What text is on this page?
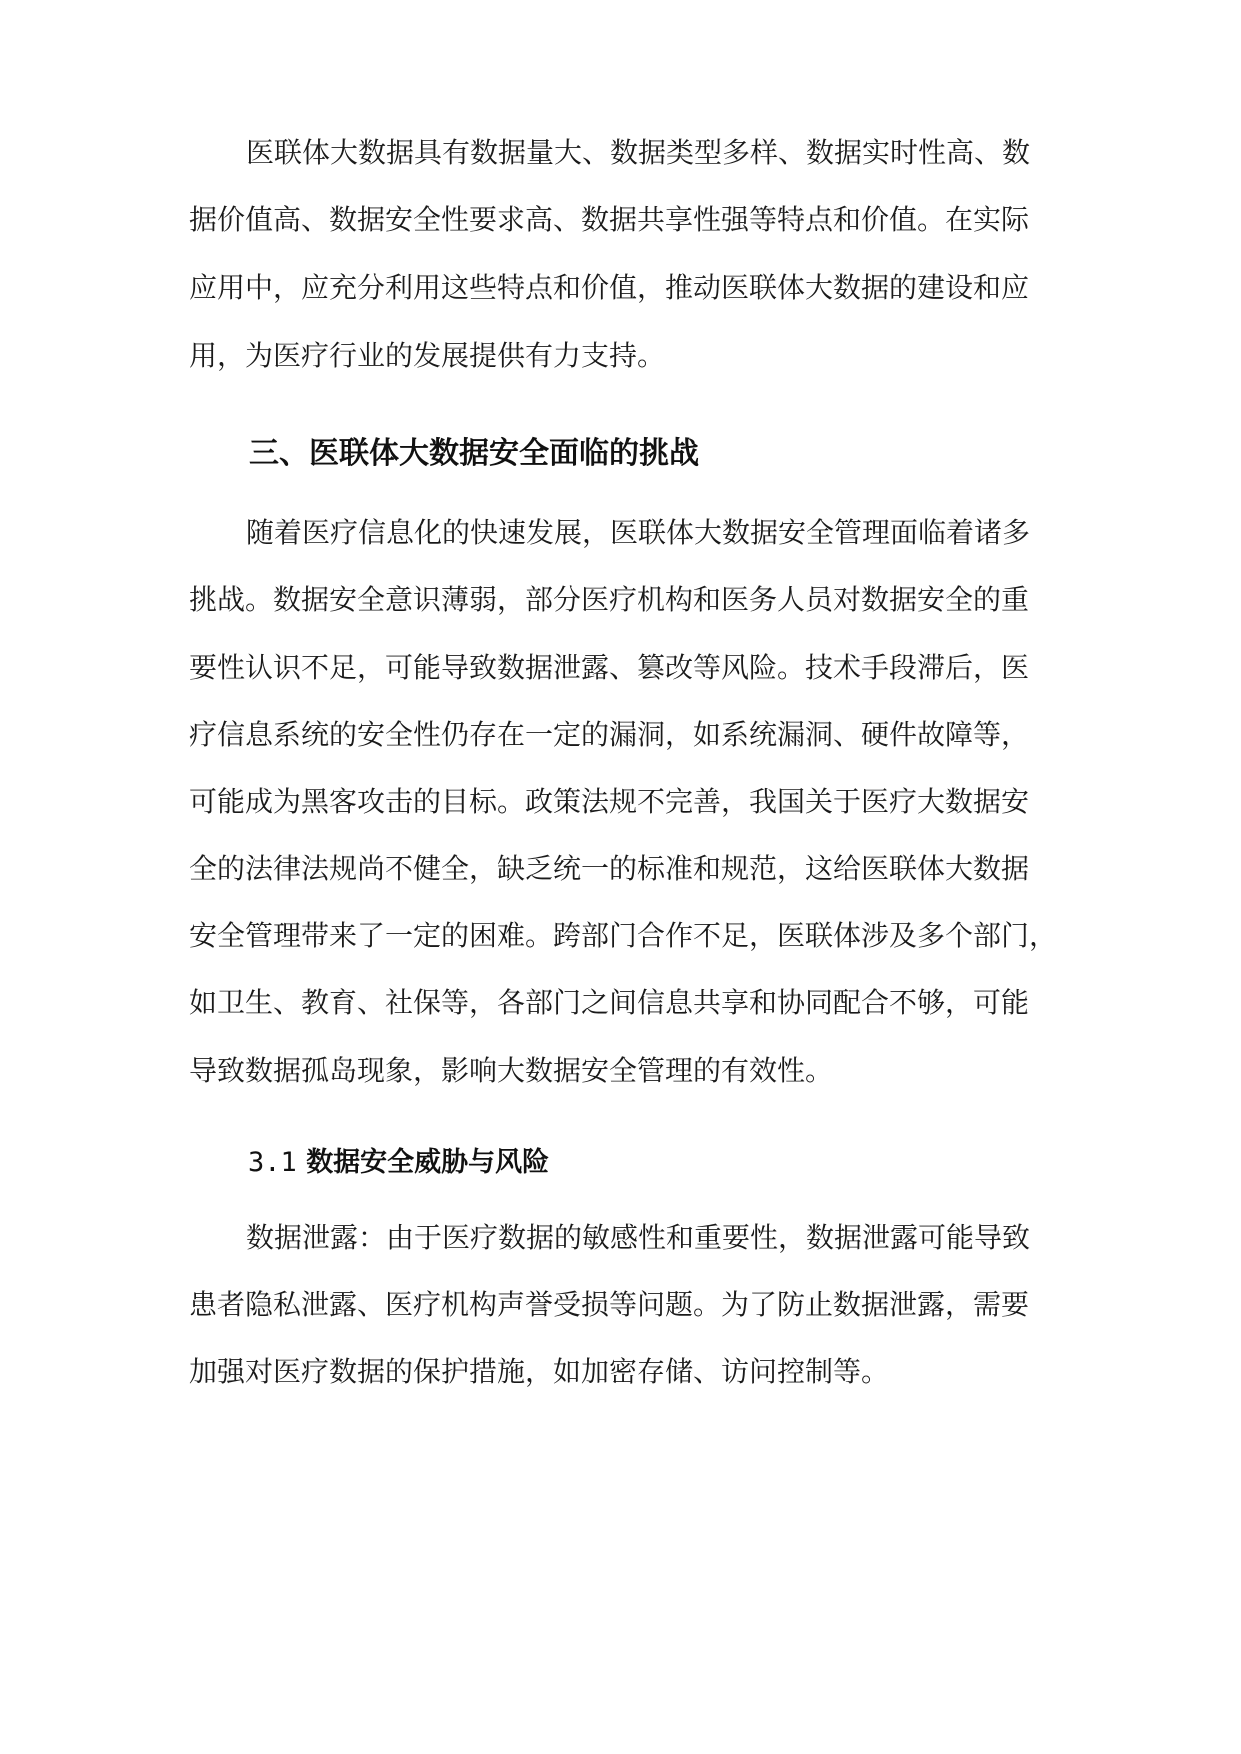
医联体大数据具有数据量大、数据类型多样、数据实时性高、数

据价值高、数据安全性要求高、数据共享性强等特点和价值。在实际

应用中，应充分利用这些特点和价值，推动医联体大数据的建设和应

用，为医疗行业的发展提供有力支持。

三、医联体大数据安全面临的挑战

随着医疗信息化的快速发展，医联体大数据安全管理面临着诸多

挑战。数据安全意识薄弱，部分医疗机构和医务人员对数据安全的重

要性认识不足，可能导致数据泄露、篡改等风险。技术手段滞后，医

疗信息系统的安全性仍存在一定的漏洞，如系统漏洞、硬件故障等，

可能成为黑客攻击的目标。政策法规不完善，我国关于医疗大数据安

全的法律法规尚不健全，缺乏统一的标准和规范，这给医联体大数据

安全管理带来了一定的困难。跨部门合作不足，医联体涉及多个部门，

如卫生、教育、社保等，各部门之间信息共享和协同配合不够，可能

导致数据孤岛现象，影响大数据安全管理的有效性。

3.1 数据安全威胁与风险

数据泄露：由于医疗数据的敏感性和重要性，数据泄露可能导致

患者隐私泄露、医疗机构声誉受损等问题。为了防止数据泄露，需要

加强对医疗数据的保护措施，如加密存储、访问控制等。
